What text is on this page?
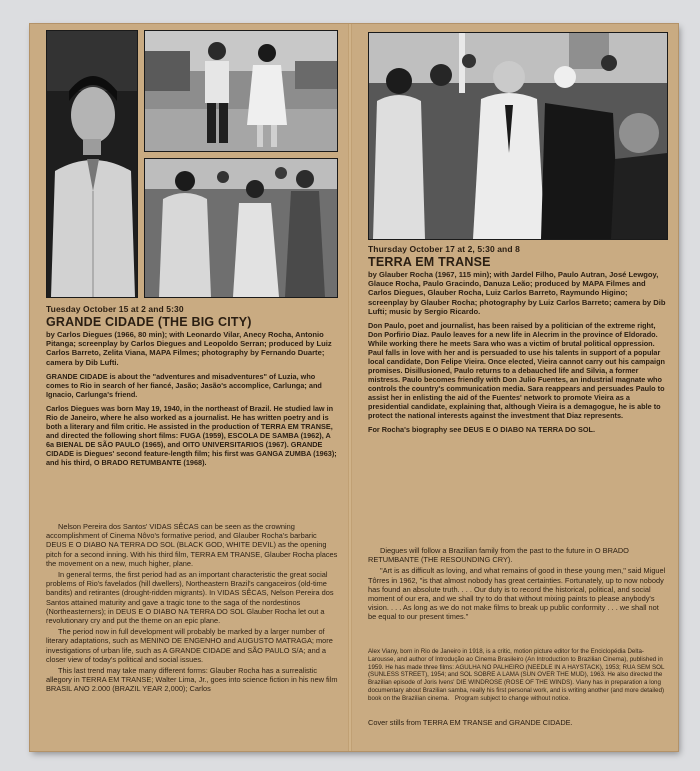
Tuesday October 15 at 2 and 5:30
GRANDE CIDADE (THE BIG CITY)
by Carlos Diegues (1966, 80 min); with Leonardo Vilar, Anecy Rocha, Antonio Pitanga; screenplay by Carlos Diegues and Leopoldo Serran; produced by Luiz Carlos Barreto, Zelita Viana, MAPA Filmes; photography by Fernando Duarte; camera by Dib Lufti.
GRANDE CIDADE is about the "adventures and misadventures" of Luzia, who comes to Rio in search of her fiancé, Jasão; Jasão's accomplice, Carlunga; and Ignacio, Carlunga's friend.
Carlos Diegues was born May 19, 1940, in the northeast of Brazil. He studied law in Rio de Janeiro, where he also worked as a journalist. He has written poetry and is both a literary and film critic. He assisted in the production of TERRA EM TRANSE, and directed the following short films: FUGA (1959), ESCOLA DE SAMBA (1962), A 6a BIENAL DE SÃO PAULO (1965), and OITO UNIVERSITARIOS (1967). GRANDE CIDADE is Diegues' second feature-length film; his first was GANGA ZUMBA (1963); and his third, O BRADO RETUMBANTE (1968).

Nelson Pereira dos Santos' VIDAS SÊCAS can be seen as the crowning accomplishment of Cinema Nôvo's formative period, and Glauber Rocha's barbaric DEUS E O DIABO NA TERRA DO SOL (BLACK GOD, WHITE DEVIL) as the opening pitch for a second inning. With his third film, TERRA EM TRANSE, Glauber Rocha places the movement on a new, much higher, plane.

In general terms, the first period had as an important characteristic the great social problems of Rio's favelados (hill dwellers), Northeastern Brazil's cangaceiros (old-time bandits) and retirantes (drought-ridden migrants). In VIDAS SÊCAS, Nelson Pereira dos Santos attained maturity and gave a tragic tone to the saga of the nordestinos (Northeasterners); in DEUS E O DIABO NA TERRA DO SOL Glauber Rocha let out a revolutionary cry and put the theme on an epic plane.

The period now in full development will probably be marked by a larger number of literary adaptations, such as MENINO DE ENGENHO and AUGUSTO MATRAGA; more investigations of urban life, such as A GRANDE CIDADE and SÃO PAULO S/A; and a closer view of today's political and social issues.

This last trend may take many different forms: Glauber Rocha has a surrealistic allegory in TERRA EM TRANSE; Walter Lima, Jr., goes into science fiction in his new film BRASIL ANO 2.000 (BRAZIL YEAR 2,000); Carlos

Thursday October 17 at 2, 5:30 and 8
TERRA EM TRANSE
by Glauber Rocha (1967, 115 min); with Jardel Filho, Paulo Autran, José Lewgoy, Glauce Rocha, Paulo Gracindo, Danuza Leão; produced by MAPA Filmes and Carlos Diegues, Glauber Rocha, Luiz Carlos Barreto, Raymundo Higino; screenplay by Glauber Rocha; photography by Luiz Carlos Barreto; camera by Dib Lufti; music by Sergio Ricardo.
Don Paulo, poet and journalist, has been raised by a politician of the extreme right, Don Porfirio Diaz. Paulo leaves for a new life in Alecrim in the province of Eldorado. While working there he meets Sara who was a victim of brutal political oppression. Paul falls in love with her and is persuaded to use his talents in support of a popular local candidate, Don Felipe Vieira. Once elected, Vieira cannot carry out his campaign promises. Disillusioned, Paulo returns to a debauched life and Silvia, a former mistress. Paulo becomes friendly with Don Julio Fuentes, an industrial magnate who controls the country's communication media. Sara reappears and persuades Paulo to assist her in enlisting the aid of the Fuentes' network to promote Vieira as a presidential candidate, explaining that, although Vieira is a demagogue, he is able to protect the national interests against the investment that Diaz represents.
For Rocha's biography see DEUS E O DIABO NA TERRA DO SOL.

Diegues will follow a Brazilian family from the past to the future in O BRADO RETUMBANTE (THE RESOUNDING CRY).

"Art is as difficult as loving, and what remains of good in these young men," said Miguel Tôrres in 1962, "is that almost nobody has great certainties. Fortunately, up to now nobody has found an absolute truth. . . . Our duty is to record the historical, political, and social moment of our era, and we shall try to do that without mixing paints to please anybody's vision. . . . As long as we do not make films to break up public conformity . . . we shall not be equal to our present times."

Alex Viany, born in Rio de Janeiro in 1918, is a critic, motion picture editor for the Enciclopédia Delta-Larousse, and author of Introdução ao Cinema Brasileiro (An Introduction to Brazilian Cinema), published in 1959. He has made three films: AGULHA NO PALHEIRO (NEEDLE IN A HAYSTACK), 1953; RUA SEM SOL (SUNLESS STREET), 1954; and SOL SOBRE A LAMA (SUN OVER THE MUD), 1963. He also directed the Brazilian episode of Joris Ivens' DIE WINDROSE (ROSE OF THE WINDS). Viany has in preparation a long documentary about Brazilian samba, really his first personal work, and is writing another (and more detailed) book on the Brazilian cinema. Program subject to change without notice.
Cover stills from TERRA EM TRANSE and GRANDE CIDADE.
